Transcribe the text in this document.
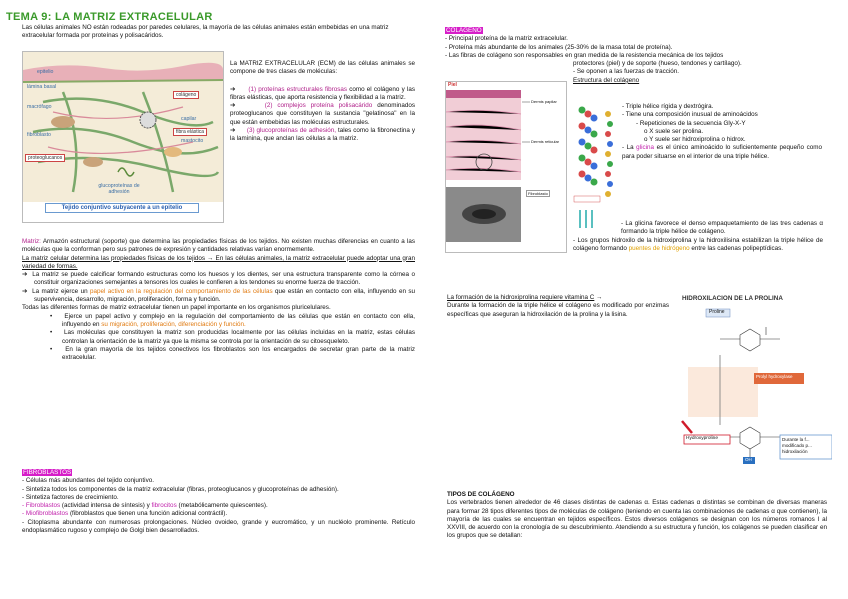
TEMA 9: LA MATRIZ EXTRACELULAR

Las células animales NO están rodeadas por paredes celulares, la mayoría de las células animales están embebidas en una matriz extracelular formada por proteínas y polisacáridos.

epitelio
lámina basal
macrófago
fibroblasto
proteoglucanos
colágeno
capilar
fibra elástica
mastocito
glucoproteínas de adhesión
Tejido conjuntivo subyacente a un epitelio
La MATRIZ EXTRACELULAR (ECM) de las células animales se compone de tres clases de moléculas:
➔      (1) proteínas estructurales fibrosas como el colágeno y las fibras elásticas, que aporta resistencia y flexibilidad a la matriz.
➔      (2) complejos proteína polisacárido denominados proteoglucanos que constituyen la sustancia "gelatinosa" en la que están embebidas las moléculas estructurales.
➔      (3) glucoproteínas de adhesión, tales como la fibronectina y la laminina, que anclan las células a la matriz.
Matriz: Armazón estructural (soporte) que determina las propiedades físicas de los tejidos. No existen muchas diferencias en cuanto a las moléculas que la conforman pero sus patrones de expresión y cantidades relativas varían enormemente.
La matriz celular determina las propiedades físicas de los tejidos → En las células animales, la matriz extracelular puede adoptar una gran variedad de formas.
➔  La matriz se puede calcificar formando estructuras como los huesos y los dientes, ser una estructura transparente como la córnea o constituir organizaciones semejantes a tensores los cuales le confieren a los tendones su enorme fuerza de tracción.
➔  La matriz ejerce un papel activo en la regulación del comportamiento de las células que están en contacto con ella, influyendo en su supervivencia, desarrollo, migración, proliferación, forma y función.
Todas las diferentes formas de matriz extracelular tienen un papel importante en los organismos pluricelulares.
•    Ejerce un papel activo y complejo en la regulación del comportamiento de las células que están en contacto con ella, influyendo en su migración, proliferación, diferenciación y función.
•    Las moléculas que constituyen la matriz son producidas localmente por las células incluidas en la matriz, estas células controlan la orientación de la matriz ya que la misma se controla por la orientación de su citoesqueleto.
•    En la gran mayoría de los tejidos conectivos los fibroblastos son los encargados de secretar gran parte de la matriz extracelular.
FIBROBLASTOS
- Células más abundantes del tejido conjuntivo.
- Sintetiza todos los componentes de la matriz extracelular (fibras, proteoglucanos y glucoproteínas de adhesión).
- Sintetiza factores de crecimiento.
- Fibroblastos (actividad intensa de síntesis) y fibrocitos (metabólicamente quiescentes).
- Miofibroblastos (fibroblastos que tienen una función adicional contráctil).
- Citoplasma abundante con numerosas prolongaciones. Núcleo ovoideo, grande y eucromático, y un nucléolo prominente. Retículo endoplasmático rugoso y complejo de Golgi bien desarrollados.
COLÁGENO
- Principal proteína de la matriz extracelular.
- Proteína más abundante de los animales (25-30% de la masa total de proteína).
- Las fibras de colágeno son responsables en gran medida de la resistencia mecánica de los tejidos
protectores (piel) y de soporte (hueso, tendones y cartílago).
- Se oponen a las fuerzas de tracción.
Estructura del colágeno
Piel
Dermis papilar
Dermis reticular
Fibroblasto
- Triple hélice rígida y dextrógira.
- Tiene una composición inusual de aminoácidos
- Repeticiones de la secuencia Gly-X-Y
o X suele ser prolina.
o Y suele ser hidroxiprolina o hidrox.
- La glicina es el único aminoácido lo suficientemente pequeño como para poder situarse en el interior de una triple hélice.
- La glicina favorece el denso empaquetamiento de las tres cadenas α formando la triple hélice de colágeno.
- Los grupos hidroxilo de la hidroxiprolina y la hidroxilisina estabilizan la triple hélice de colágeno formando puentes de hidrógeno entre las cadenas polipeptídicas.
La formación de la hidroxiprolina requiere vitamina C →
Durante la formación de la triple hélice el colágeno es modificado por enzimas específicas que aseguran la hidroxilación de la prolina y la lisina.
HIDROXILACIÓN DE LA PROLINA
Proline
Prolyl hydroxylase
Hydroxyproline
OH
Durante la f... modificado p... hidroxilación
TIPOS DE COLÁGENO
Los vertebrados tienen alrededor de 46 clases distintas de cadenas α. Estas cadenas α distintas se combinan de diversas maneras para formar 28 tipos diferentes tipos de moléculas de colágeno (teniendo en cuenta las combinaciones de cadenas α que contienen), la mayoría de las cuales se encuentran en tejidos específicos. Estos diversos colágenos se designan con los números romanos I al XXVIII, de acuerdo con la cronología de su descubrimiento. Atendiendo a su estructura y función, los colágenos se pueden clasificar en los grupos que se detallan:
